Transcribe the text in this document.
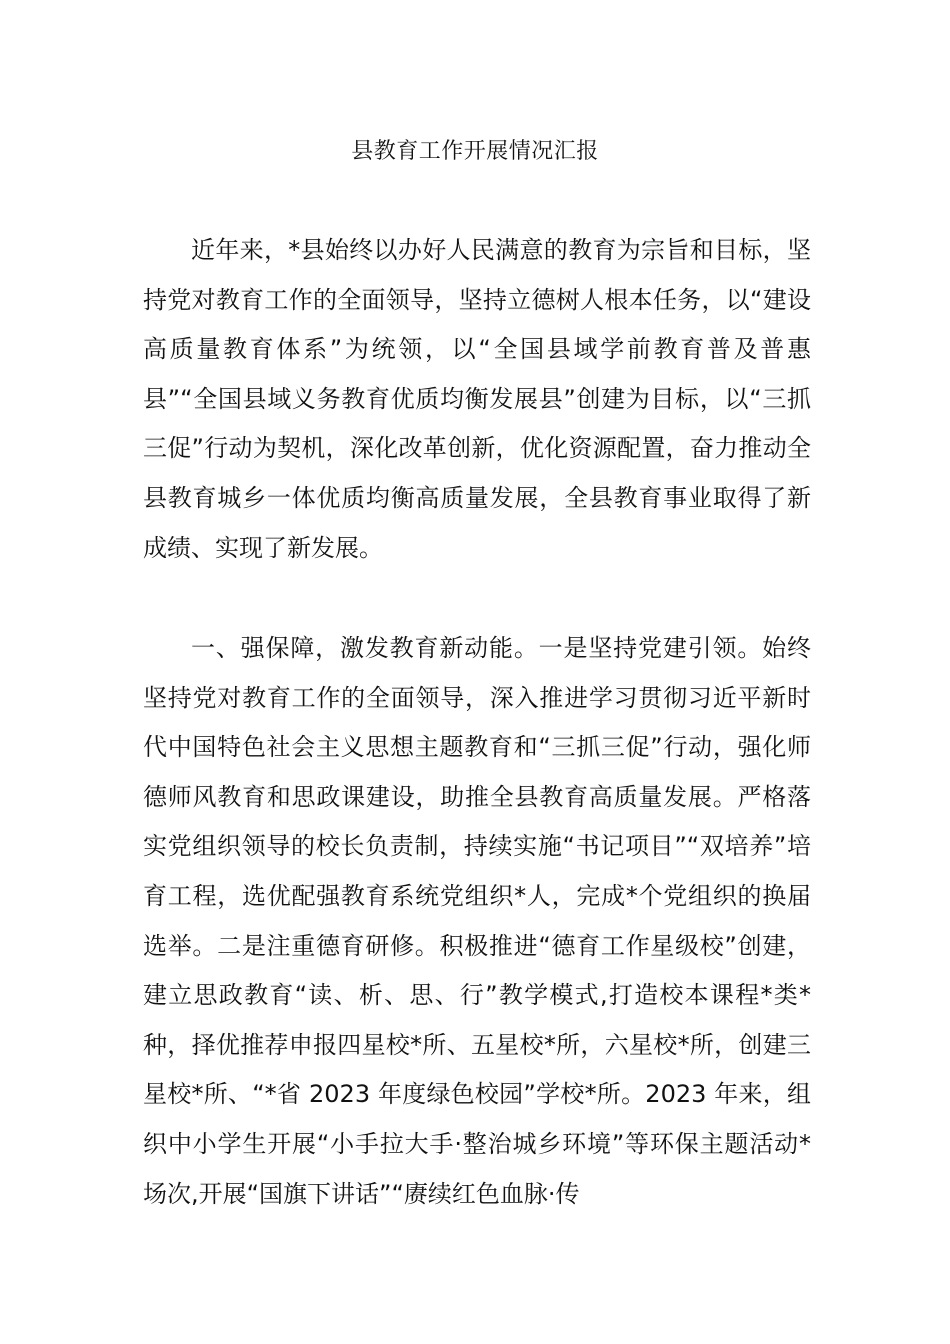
县教育工作开展情况汇报

近年来，*县始终以办好人民满意的教育为宗旨和目标，坚持党对教育工作的全面领导，坚持立德树人根本任务，以“建设高质量教育体系”为统领，以“全国县域学前教育普及普惠县”“全国县域义务教育优质均衡发展县”创建为目标，以“三抓三促”行动为契机，深化改革创新，优化资源配置，奋力推动全县教育城乡一体优质均衡高质量发展，全县教育事业取得了新成绩、实现了新发展。

一、强保障，激发教育新动能。一是坚持党建引领。始终坚持党对教育工作的全面领导，深入推进学习贯彻习近平新时代中国特色社会主义思想主题教育和“三抓三促”行动，强化师德师风教育和思政课建设，助推全县教育高质量发展。严格落实党组织领导的校长负责制，持续实施“书记项目”“双培养”培育工程，选优配强教育系统党组织*人，完成*个党组织的换届选举。二是注重德育研修。积极推进“德育工作星级校”创建，建立思政教育“读、析、思、行”教学模式,打造校本课程*类*种，择优推荐申报四星校*所、五星校*所，六星校*所，创建三星校*所、“*省 2023 年度绿色校园”学校*所。2023 年来，组织中小学生开展“小手拉大手·整治城乡环境”等环保主题活动*场次,开展“国旗下讲话”“赓续红色血脉·传
